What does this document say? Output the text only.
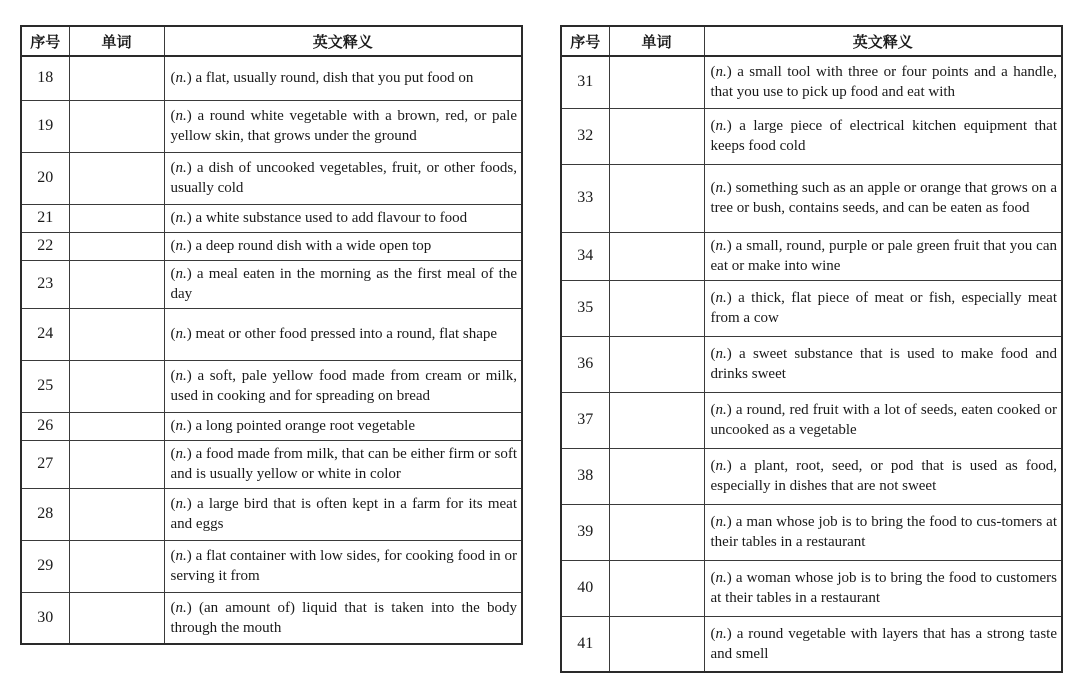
序号	单词	英文释义
18		(n.) a flat, usually round, dish that you put food on
19		(n.) a round white vegetable with a brown, red, or pale yellow skin, that grows under the ground
20		(n.) a dish of uncooked vegetables, fruit, or other foods, usually cold
21		(n.) a white substance used to add flavour to food
22		(n.) a deep round dish with a wide open top
23		(n.) a meal eaten in the morning as the first meal of the day
24		(n.) meat or other food pressed into a round, flat shape
25		(n.) a soft, pale yellow food made from cream or milk, used in cooking and for spreading on bread
26		(n.) a long pointed orange root vegetable
27		(n.) a food made from milk, that can be either firm or soft and is usually yellow or white in color
28		(n.) a large bird that is often kept in a farm for its meat and eggs
29		(n.) a flat container with low sides, for cooking food in or serving it from
30		(n.) (an amount of) liquid that is taken into the body through the mouth
序号	单词	英文释义
31		(n.) a small tool with three or four points and a handle, that you use to pick up food and eat with
32		(n.) a large piece of electrical kitchen equipment that keeps food cold
33		(n.) something such as an apple or orange that grows on a tree or bush, contains seeds, and can be eaten as food
34		(n.) a small, round, purple or pale green fruit that you can eat or make into wine
35		(n.) a thick, flat piece of meat or fish, especially meat from a cow
36		(n.) a sweet substance that is used to make food and drinks sweet
37		(n.) a round, red fruit with a lot of seeds, eaten cooked or uncooked as a vegetable
38		(n.) a plant, root, seed, or pod that is used as food, especially in dishes that are not sweet
39		(n.) a man whose job is to bring the food to cus-tomers at their tables in a restaurant
40		(n.) a woman whose job is to bring the food to customers at their tables in a restaurant
41		(n.) a round vegetable with layers that has a strong taste and smell
